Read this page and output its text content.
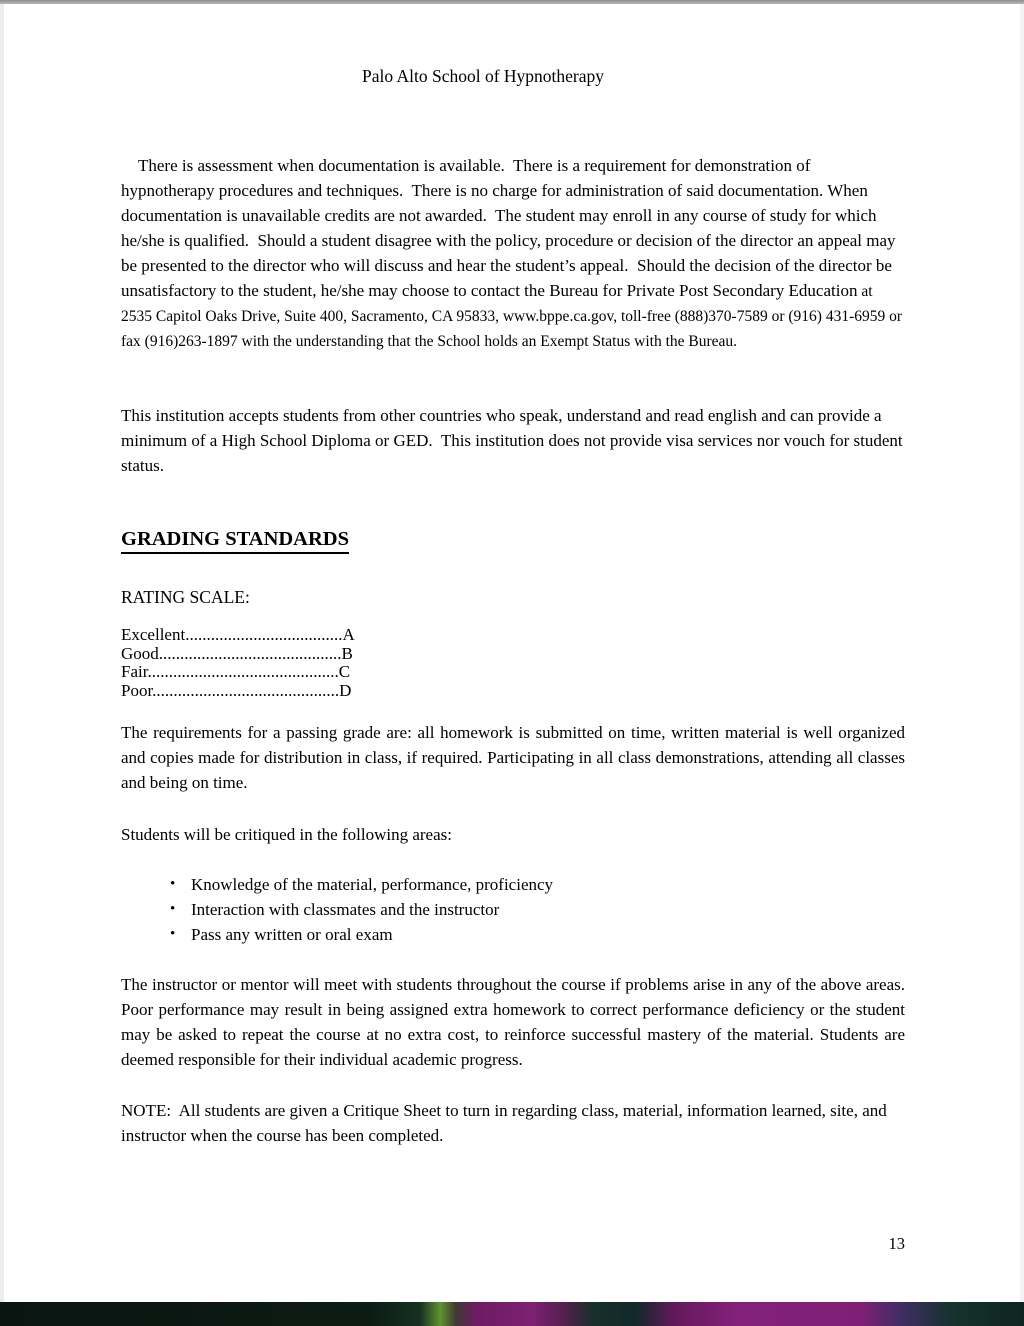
Palo Alto School of Hypnotherapy

There is assessment when documentation is available.  There is a requirement for demonstration of  hypnotherapy procedures and techniques.  There is no charge for administration of said documentation. When documentation is unavailable credits are not awarded.  The student may enroll in any course of study for which he/she is qualified.  Should a student disagree with the policy, procedure or decision of the director an appeal may be presented to the director who will discuss and hear the student’s appeal.  Should the decision of the director be unsatisfactory to the student, he/she may choose to contact the Bureau for Private Post Secondary Education at 2535 Capitol Oaks Drive, Suite 400, Sacramento, CA 95833, www.bppe.ca.gov, toll-free (888)370-7589 or (916) 431-6959 or fax (916)263-1897 with the understanding that the School holds an Exempt Status with the Bureau.

This institution accepts students from other countries who speak, understand and read english and can provide a minimum of a High School Diploma or GED.  This institution does not provide visa services nor vouch for student status.

GRADING STANDARDS
RATING SCALE:
Excellent.....................................A
Good...........................................B
Fair.............................................C
Poor............................................D

The requirements for a passing grade are: all homework is submitted on time, written material is well organized and copies made for distribution in class, if required. Participating in all class demonstrations, attending all classes and being on time.

Students will be critiqued in the following areas:

• Knowledge of the material, performance, proficiency
• Interaction with classmates and the instructor
• Pass any written or oral exam

The instructor or mentor will meet with students throughout the course if problems arise in any of the above areas. Poor performance may result in being assigned extra homework to correct performance deficiency or the student may be asked to repeat the course at no extra cost, to reinforce successful mastery of the material. Students are deemed responsible for their individual academic progress.

NOTE:  All students are given a Critique Sheet to turn in regarding class, material, information learned, site, and instructor when the course has been completed.

13
